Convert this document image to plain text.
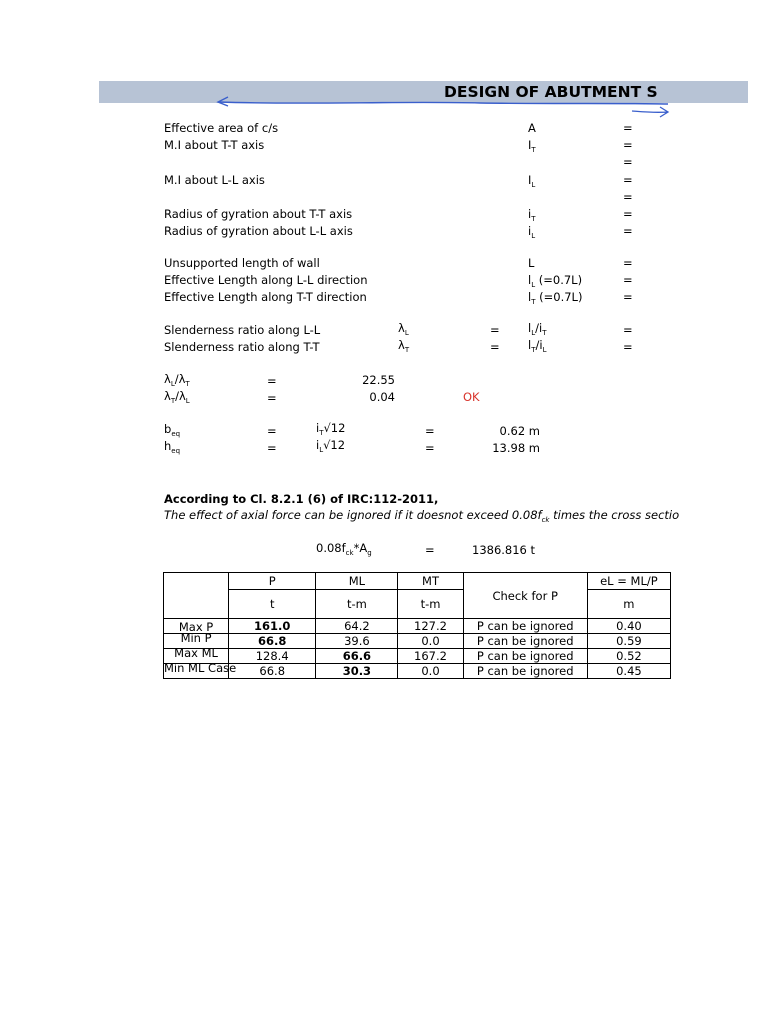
DESIGN OF ABUTMENT S
Effective area of c/s	A	=
M.I about T-T axis	$I_T$	=
=
M.I about L-L axis	$I_L$	=
=
Radius of gyration about T-T axis	$i_T$	=
Radius of gyration about L-L axis	$i_L$	=
Unsupported length of wall	L	=
Effective Length along L-L direction	$l_L$ (=0.7L)	=
Effective Length along T-T direction	$l_T$ (=0.7L)	=
Slenderness ratio along L-L	$\lambda_L$	= $l_L/i_T$	=
Slenderness ratio along T-T	$\lambda_T$	= $l_T/i_L$	=
$\lambda_L/\lambda_T$	=	22.55
$\lambda_T/\lambda_L$	=	0.04	OK
$b_{eq}$	=	$i_T√12$	=	0.62 m
$h_{eq}$	=	$i_L√12$	=	13.98 m
According to Cl. 8.2.1 (6) of IRC:112-2011,
The effect of axial force can be ignored if it doesnot exceed $0.08f_{ck}$ times the cross sectio
$0.08f_{ck}*A_g$	=	1386.816 t
	P	ML	MT	Check for P	eL = ML/P
	t	t-m	t-m		m

Max P	161.0	64.2	127.2	P can be ignored	0.40

Min P	66.8	39.6	0.0	P can be ignored	0.59

Max ML	128.4	66.6	167.2	P can be ignored	0.52

Min ML Case	66.8	30.3	0.0	P can be ignored	0.45
